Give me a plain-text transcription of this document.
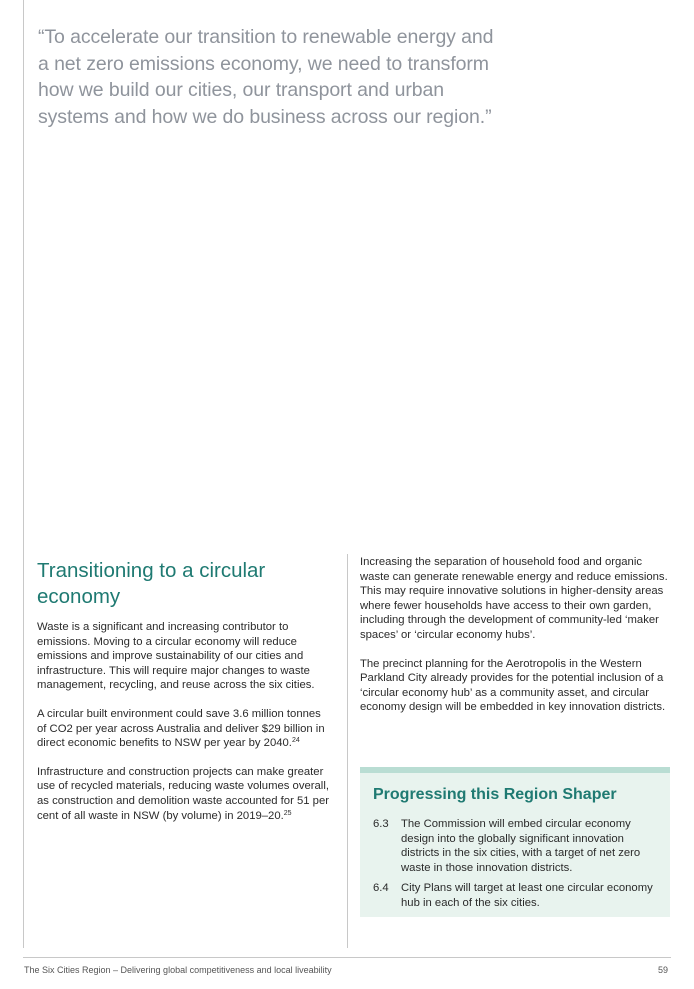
“To accelerate our transition to renewable energy and a net zero emissions economy, we need to transform how we build our cities, our transport and urban systems and how we do business across our region.”
Transitioning to a circular economy

Waste is a significant and increasing contributor to emissions. Moving to a circular economy will reduce emissions and improve sustainability of our cities and infrastructure. This will require major changes to waste management, recycling, and reuse across the six cities.

A circular built environment could save 3.6 million tonnes of CO2 per year across Australia and deliver $29 billion in direct economic benefits to NSW per year by 2040.24

Infrastructure and construction projects can make greater use of recycled materials, reducing waste volumes overall, as construction and demolition waste accounted for 51 per cent of all waste in NSW (by volume) in 2019–20.25

Increasing the separation of household food and organic waste can generate renewable energy and reduce emissions. This may require innovative solutions in higher-density areas where fewer households have access to their own garden, including through the development of community-led ‘maker spaces’ or ‘circular economy hubs’.

The precinct planning for the Aerotropolis in the Western Parkland City already provides for the potential inclusion of a ‘circular economy hub’ as a community asset, and circular economy design will be embedded in key innovation districts.

Progressing this Region Shaper
6.3	The Commission will embed circular economy design into the globally significant innovation districts in the six cities, with a target of net zero waste in those innovation districts.
6.4	City Plans will target at least one circular economy hub in each of the six cities.
The Six Cities Region – Delivering global competitiveness and local liveability	59
